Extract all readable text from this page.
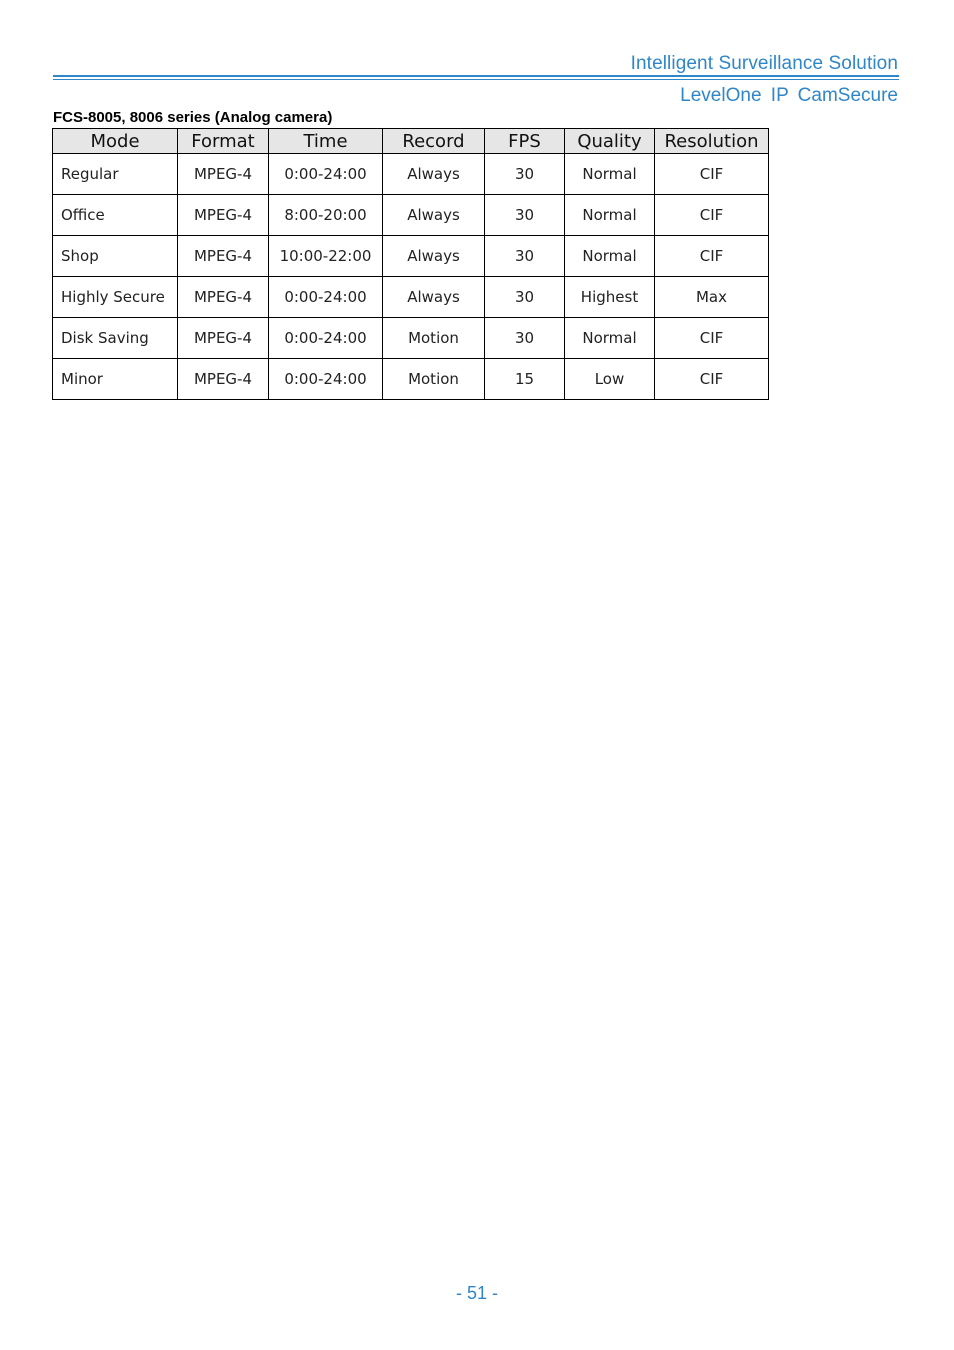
Intelligent Surveillance Solution
LevelOne IP CamSecure
FCS-8005, 8006 series (Analog camera)
Mode	Format	Time	Record	FPS	Quality	Resolution
Regular	MPEG-4	0:00-24:00	Always	30	Normal	CIF
Office	MPEG-4	8:00-20:00	Always	30	Normal	CIF
Shop	MPEG-4	10:00-22:00	Always	30	Normal	CIF
Highly Secure	MPEG-4	0:00-24:00	Always	30	Highest	Max
Disk Saving	MPEG-4	0:00-24:00	Motion	30	Normal	CIF
Minor	MPEG-4	0:00-24:00	Motion	15	Low	CIF
- 51 -
